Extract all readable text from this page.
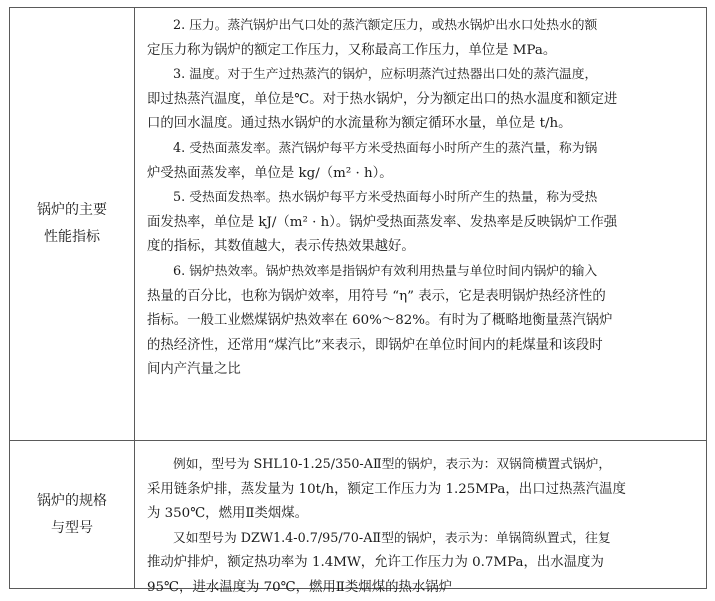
锅炉的主要
性能指标
2. 压力。蒸汽锅炉出气口处的蒸汽额定压力，或热水锅炉出水口处热水的额
定压力称为锅炉的额定工作压力，又称最高工作压力，单位是 MPa。
3. 温度。对于生产过热蒸汽的锅炉，应标明蒸汽过热器出口处的蒸汽温度，
即过热蒸汽温度，单位是℃。对于热水锅炉，分为额定出口的热水温度和额定进
口的回水温度。通过热水锅炉的水流量称为额定循环水量，单位是 t/h。
4. 受热面蒸发率。蒸汽锅炉每平方米受热面每小时所产生的蒸汽量，称为锅
炉受热面蒸发率，单位是 kg/（m² · h）。
5. 受热面发热率。热水锅炉每平方米受热面每小时所产生的热量，称为受热
面发热率，单位是 kJ/（m² · h）。锅炉受热面蒸发率、发热率是反映锅炉工作强
度的指标，其数值越大，表示传热效果越好。
6. 锅炉热效率。锅炉热效率是指锅炉有效利用热量与单位时间内锅炉的输入
热量的百分比，也称为锅炉效率，用符号 “η” 表示，它是表明锅炉热经济性的
指标。一般工业燃煤锅炉热效率在 60%～82%。有时为了概略地衡量蒸汽锅炉
的热经济性，还常用“煤汽比”来表示，即锅炉在单位时间内的耗煤量和该段时
间内产汽量之比
锅炉的规格
与型号
例如，型号为 SHL10-1.25/350-AⅡ型的锅炉，表示为：双锅筒横置式锅炉，
采用链条炉排，蒸发量为 10t/h，额定工作压力为 1.25MPa，出口过热蒸汽温度
为 350℃，燃用Ⅱ类烟煤。
又如型号为 DZW1.4-0.7/95/70-AⅡ型的锅炉，表示为：单锅筒纵置式，往复
推动炉排炉，额定热功率为 1.4MW，允许工作压力为 0.7MPa，出水温度为
95℃，进水温度为 70℃，燃用Ⅱ类烟煤的热水锅炉
